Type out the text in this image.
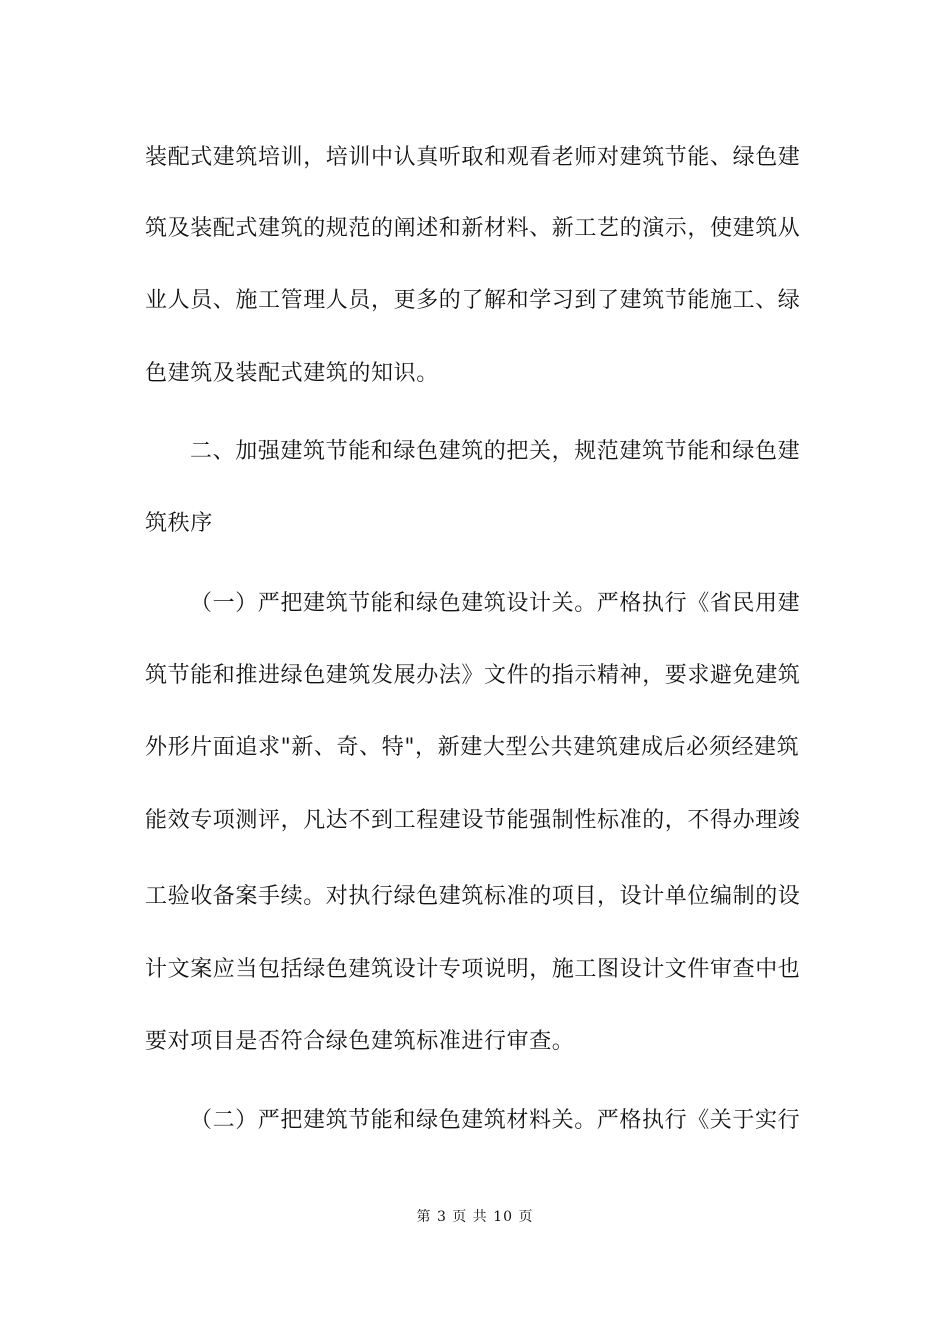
装配式建筑培训，培训中认真听取和观看老师对建筑节能、绿色建
筑及装配式建筑的规范的阐述和新材料、新工艺的演示，使建筑从
业人员、施工管理人员，更多的了解和学习到了建筑节能施工、绿
色建筑及装配式建筑的知识。
二、加强建筑节能和绿色建筑的把关，规范建筑节能和绿色建
筑秩序
（一）严把建筑节能和绿色建筑设计关。严格执行《省民用建
筑节能和推进绿色建筑发展办法》文件的指示精神，要求避免建筑
外形片面追求"新、奇、特"，新建大型公共建筑建成后必须经建筑
能效专项测评，凡达不到工程建设节能强制性标准的，不得办理竣
工验收备案手续。对执行绿色建筑标准的项目，设计单位编制的设
计文案应当包括绿色建筑设计专项说明，施工图设计文件审查中也
要对项目是否符合绿色建筑标准进行审查。
（二）严把建筑节能和绿色建筑材料关。严格执行《关于实行
第 3 页 共 10 页
